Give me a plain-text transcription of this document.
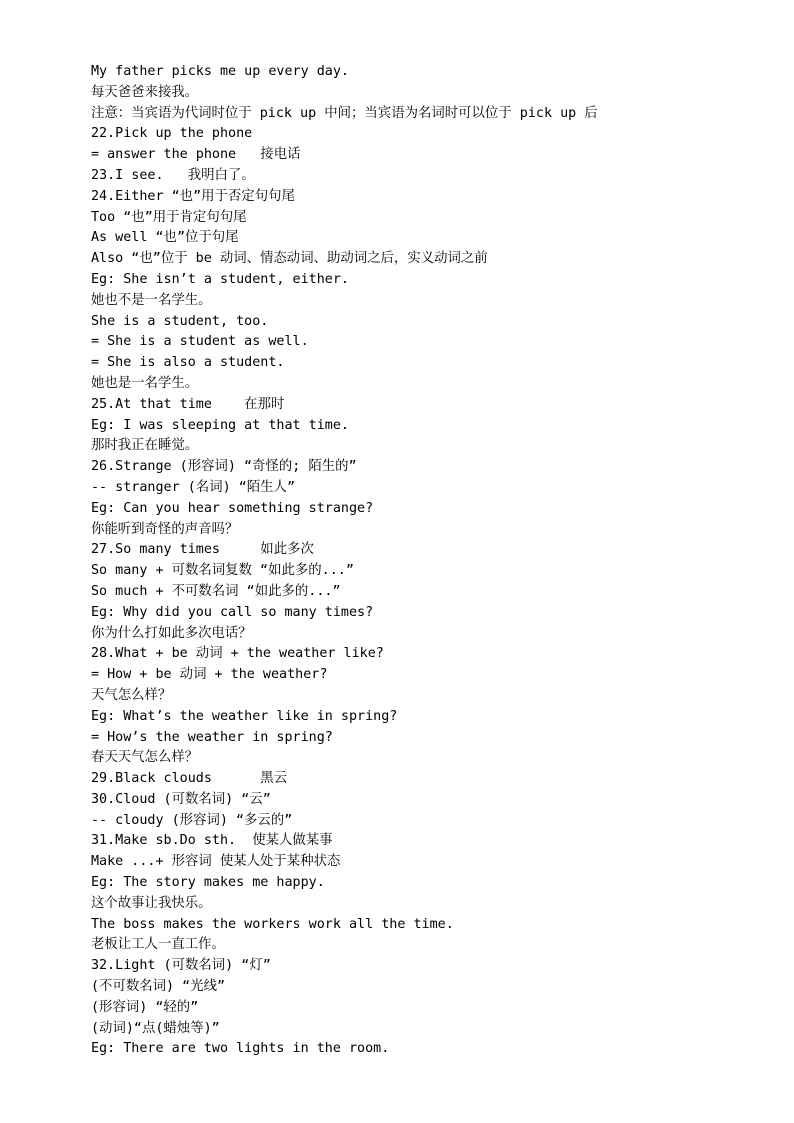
My father picks me up every day.
每天爸爸来接我。
注意：当宾语为代词时位于 pick up 中间；当宾语为名词时可以位于 pick up 后
22.Pick up the phone
= answer the phone   接电话
23.I see.   我明白了。
24.Either “也”用于否定句句尾
Too “也”用于肯定句句尾
As well “也”位于句尾
Also “也”位于 be 动词、情态动词、助动词之后，实义动词之前
Eg: She isn’t a student, either.
她也不是一名学生。
She is a student, too.
= She is a student as well.
= She is also a student.
她也是一名学生。
25.At that time    在那时
Eg: I was sleeping at that time.
那时我正在睡觉。
26.Strange (形容词) “奇怪的; 陌生的”
-- stranger (名词) “陌生人”
Eg: Can you hear something strange?
你能听到奇怪的声音吗？
27.So many times     如此多次
So many + 可数名词复数 “如此多的...”
So much + 不可数名词 “如此多的...”
Eg: Why did you call so many times?
你为什么打如此多次电话？
28.What + be 动词 + the weather like?
= How + be 动词 + the weather?
天气怎么样？
Eg: What’s the weather like in spring?
= How’s the weather in spring?
春天天气怎么样？
29.Black clouds      黑云
30.Cloud (可数名词) “云”
-- cloudy (形容词) “多云的”
31.Make sb.Do sth.  使某人做某事
Make ...+ 形容词 使某人处于某种状态
Eg: The story makes me happy.
这个故事让我快乐。
The boss makes the workers work all the time.
老板让工人一直工作。
32.Light (可数名词) “灯”
(不可数名词) “光线”
(形容词) “轻的”
(动词)“点(蜡烛等)”
Eg: There are two lights in the room.
